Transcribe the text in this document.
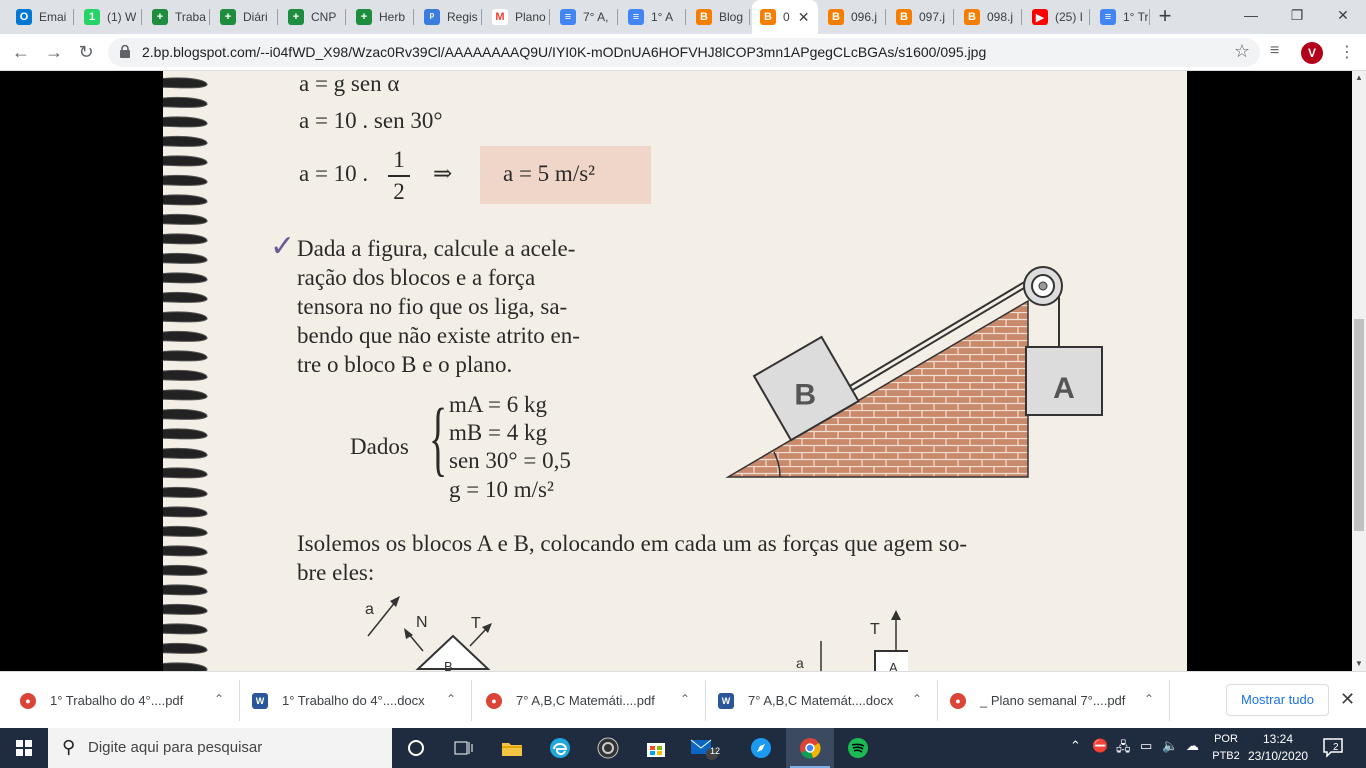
O Emai	1 (1) W	+ Traba	+ Diári	+ CNP	+ Herb	ᵖ	Regis	M Plano	≡ 7° A,	≡ 1° A	B Blog	B 0 ✕	B 096.j	B 097.j	B 098.j	▶ (25) I	≡ 1° Tr +	—	❐	✕
← → ↻	2.bp.blogspot.com/--i04fWD_X98/Wzac0Rv39Cl/AAAAAAAAQ9U/IYI0K-mODnUA6HOFVHJ8lCOP3mn1APgegCLcBGAs/s1600/095.jpg	☆ ≡	V	⋮
a = g sen α
a = 10 . sen 30°
a = 10 .
1
2
⇒ a = 5 m/s²
✓ Dada a figura, calcule a acele-
ração dos blocos e a força
tensora no fio que os liga, sa-
bendo que não existe atrito en-
tre o bloco B e o plano.
Dados { mA = 6 kg
mB = 4 kg
sen 30° = 0,5
g = 10 m/s²
B	A
Isolemos os blocos A e B, colocando em cada um as forças que agem so-
bre eles:
a
N	T
B
T
a	A
▲
▼
Mostrar tudo	✕
●	1° Trabalho do 4°....pdf	⌃	W 1° Trabalho do 4°....docx ⌃	●	7° A,B,C Matemáti....pdf ⌃	W 7° A,B,C Matemát....docx ⌃	●	_ Plano semanal 7°....pdf ⌃
⚲ Digite aqui para pesquisar	12	⌃ ⛔ 🖧 ▭ 🔈 ☁	POR
PTB2
13:24
23/10/2020
2
